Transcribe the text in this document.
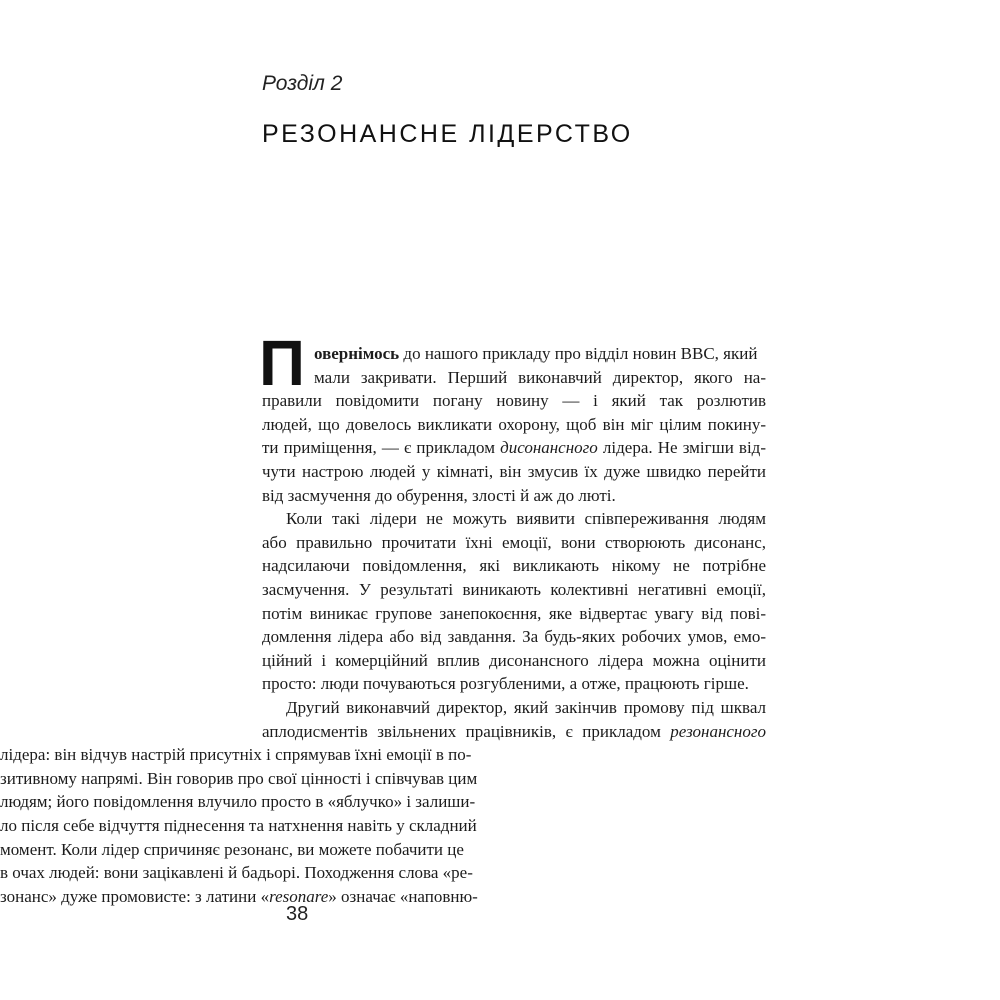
Розділ 2
РЕЗОНАНСНЕ ЛІДЕРСТВО
П овернімось до нашого прикладу про відділ новин BBC, який
мали закривати. Перший виконавчий директор, якого на-
правили повідомити погану новину — і який так розлютив
людей, що довелось викликати охорону, щоб він міг цілим покину-
ти приміщення, — є прикладом дисонансного лідера. Не змігши від-
чути настрою людей у кімнаті, він змусив їх дуже швидко перейти
від засмучення до обурення, злості й аж до люті.
Коли такі лідери не можуть виявити співпереживання людям
або правильно прочитати їхні емоції, вони створюють дисонанс,
надсилаючи повідомлення, які викликають нікому не потрібне
засмучення. У результаті виникають колективні негативні емоції,
потім виникає групове занепокоєння, яке відвертає увагу від пові-
домлення лідера або від завдання. За будь-яких робочих умов, емо-
ційний і комерційний вплив дисонансного лідера можна оцінити
просто: люди почуваються розгубленими, а отже, працюють гірше.
Другий виконавчий директор, який закінчив промову під шквал
аплодисментів звільнених працівників, є прикладом резонансного
лідера: він відчув настрій присутніх і спрямував їхні емоції в по-
зитивному напрямі. Він говорив про свої цінності і співчував цим
людям; його повідомлення влучило просто в «яблучко» і залиши-
ло після себе відчуття піднесення та натхнення навіть у складний
момент. Коли лідер спричиняє резонанс, ви можете побачити це
в очах людей: вони зацікавлені й бадьорі. Походження слова «ре-
зонанс» дуже промовисте: з латини «resonare» означає «наповню-
38
